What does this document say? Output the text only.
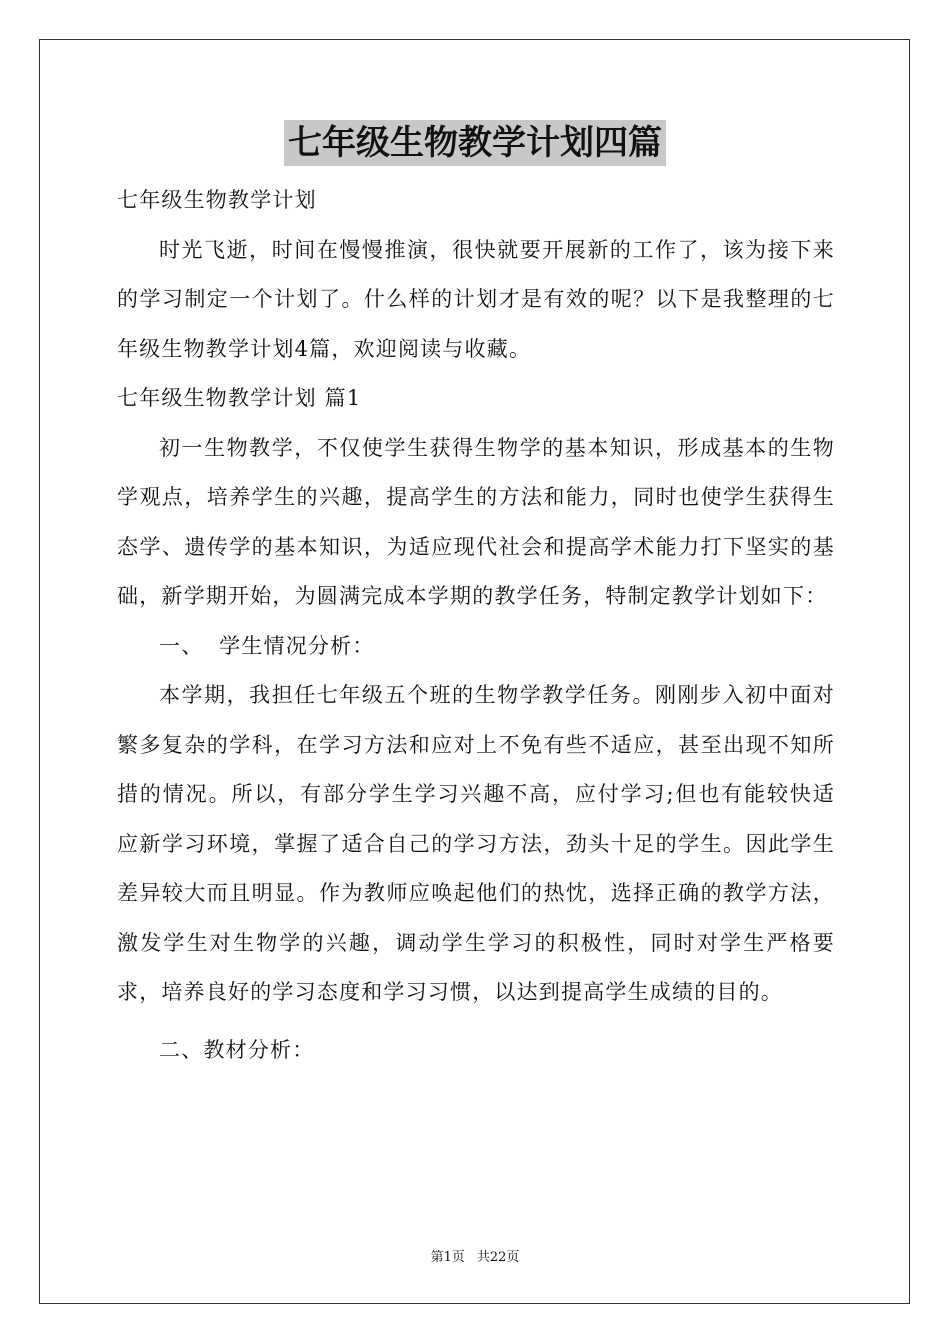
七年级生物教学计划四篇
七年级生物教学计划

时光飞逝，时间在慢慢推演，很快就要开展新的工作了，该为接下来的学习制定一个计划了。什么样的计划才是有效的呢？以下是我整理的七年级生物教学计划4篇，欢迎阅读与收藏。

七年级生物教学计划 篇1

初一生物教学，不仅使学生获得生物学的基本知识，形成基本的生物学观点，培养学生的兴趣，提高学生的方法和能力，同时也使学生获得生态学、遗传学的基本知识，为适应现代社会和提高学术能力打下坚实的基础，新学期开始，为圆满完成本学期的教学任务，特制定教学计划如下：

一、  学生情况分析：

本学期，我担任七年级五个班的生物学教学任务。刚刚步入初中面对繁多复杂的学科，在学习方法和应对上不免有些不适应，甚至出现不知所措的情况。所以，有部分学生学习兴趣不高，应付学习;但也有能较快适应新学习环境，掌握了适合自己的学习方法，劲头十足的学生。因此学生差异较大而且明显。作为教师应唤起他们的热忱，选择正确的教学方法，激发学生对生物学的兴趣，调动学生学习的积极性，同时对学生严格要求，培养良好的学习态度和学习习惯，以达到提高学生成绩的目的。

二、教材分析：
第1页 共22页
